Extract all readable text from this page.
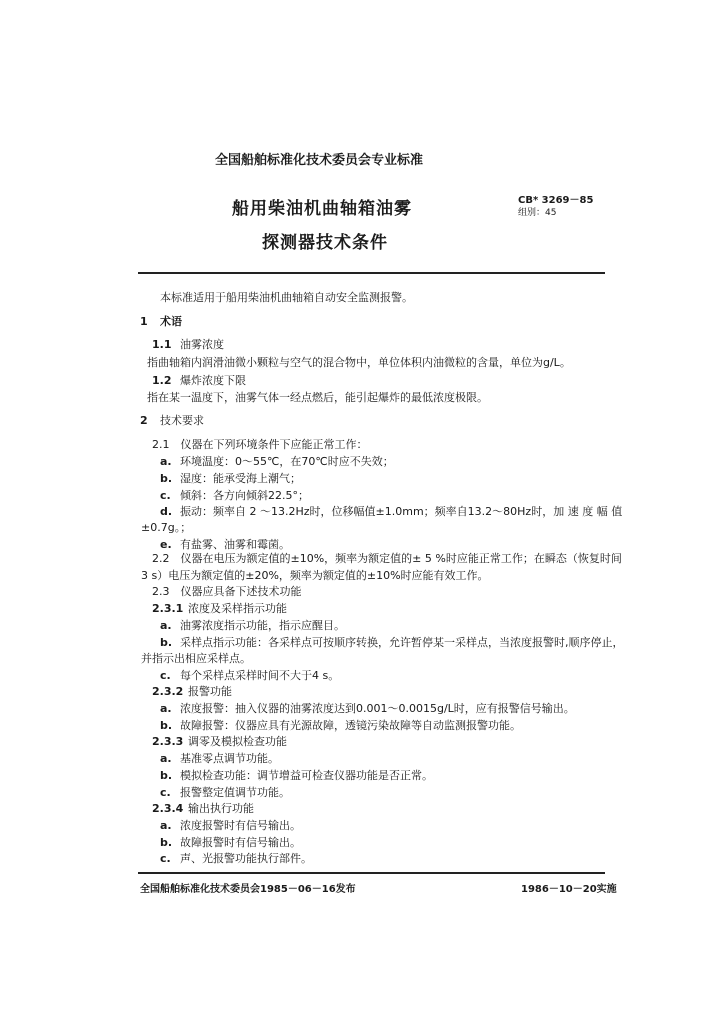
全国船舶标准化技术委员会专业标准
船用柴油机曲轴箱油雾
探测器技术条件
CB* 3269－85
组别：45
本标准适用于船用柴油机曲轴箱自动安全监测报警。
1 术语
1.1 油雾浓度
指曲轴箱内润滑油微小颗粒与空气的混合物中，单位体积内油微粒的含量，单位为g/L。
1.2 爆炸浓度下限
指在某一温度下，油雾气体一经点燃后，能引起爆炸的最低浓度极限。
2 技术要求
2.1　仪器在下列环境条件下应能正常工作：
a. 环境温度：0～55℃，在70℃时应不失效；
b. 湿度：能承受海上潮气；
c. 倾斜：各方向倾斜22.5°；
d. 振动：频率自 2 ～13.2Hz时，位移幅值±1.0mm；频率自13.2～80Hz时，加 速 度 幅 值
±0.7g。；
e. 有盐雾、油雾和霉菌。
2.2　仪器在电压为额定值的±10%，频率为额定值的± 5 %时应能正常工作；在瞬态（恢复时间
3 s）电压为额定值的±20%，频率为额定值的±10%时应能有效工作。
2.3　仪器应具备下述技术功能
2.3.1 浓度及采样指示功能
a. 油雾浓度指示功能，指示应醒目。
b. 采样点指示功能：各采样点可按顺序转换，允许暂停某一采样点，当浓度报警时,顺序停止，
并指示出相应采样点。
c. 每个采样点采样时间不大于4 s。
2.3.2 报警功能
a. 浓度报警：抽入仪器的油雾浓度达到0.001～0.0015g/L时，应有报警信号输出。
b. 故障报警：仪器应具有光源故障，透镜污染故障等自动监测报警功能。
2.3.3 调零及模拟检查功能
a. 基准零点调节功能。
b. 模拟检查功能：调节增益可检查仪器功能是否正常。
c. 报警整定值调节功能。
2.3.4 输出执行功能
a. 浓度报警时有信号输出。
b. 故障报警时有信号输出。
c. 声、光报警功能执行部件。
全国船舶标准化技术委员会1985－06－16发布	1986－10－20实施
